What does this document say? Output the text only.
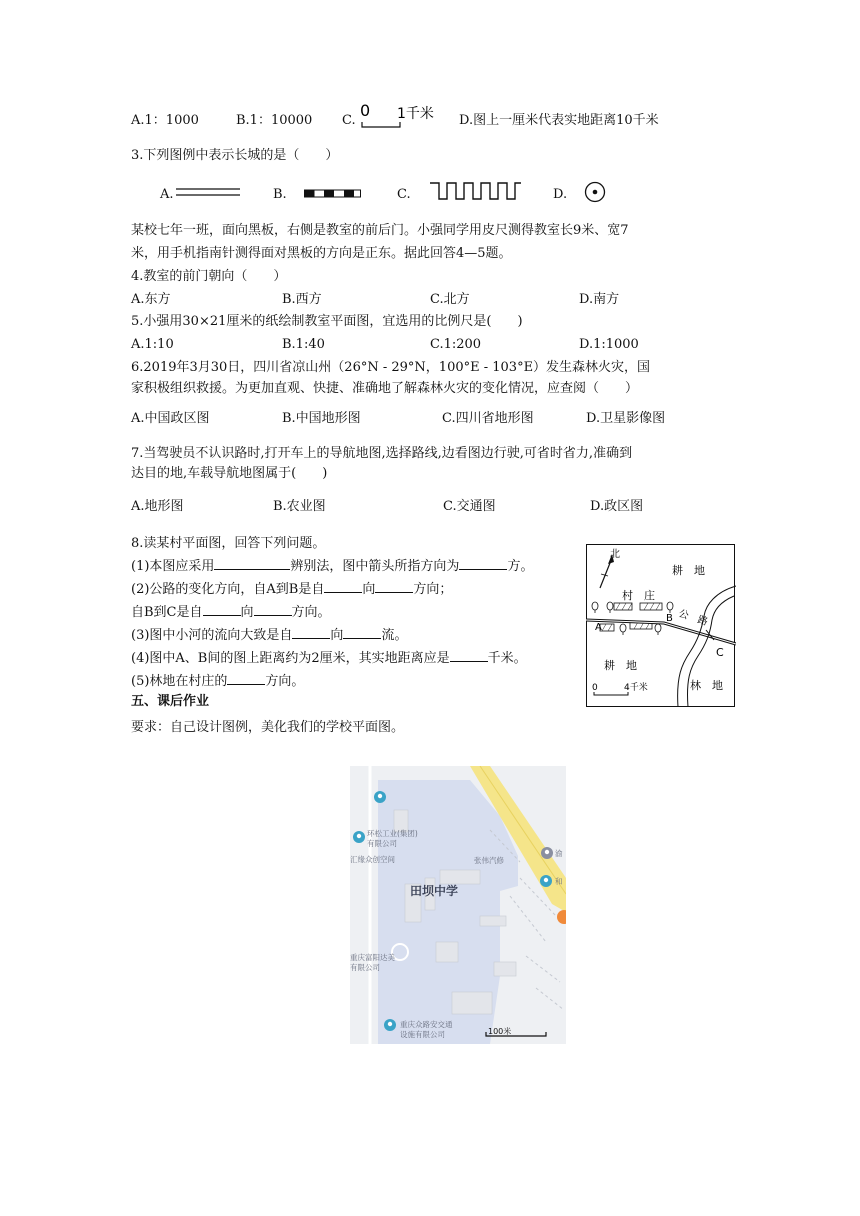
A.1：1000	B.1：10000 C.
0 1千米 D.图上一厘米代表实地距离10千米
3.下列图例中表示长城的是（　　）
A.	B.	C.	D.
某校七年一班，面向黑板，右侧是教室的前后门。小强同学用皮尺测得教室长9米、宽7
米，用手机指南针测得面对黑板的方向是正东。据此回答4—5题。
4.教室的前门朝向（　　）
A.东方	B.西方	C.北方	D.南方
5.小强用30×21厘米的纸绘制教室平面图，宜选用的比例尺是(　　)
A.1:10	B.1:40	C.1:200	D.1:1000
6.2019年3月30日，四川省凉山州（26°N - 29°N，100°E - 103°E）发生森林火灾，国
家积极组织救援。为更加直观、快捷、准确地了解森林火灾的变化情况，应查阅（　　）
A.中国政区图	B.中国地形图	C.四川省地形图	D.卫星影像图
7.当驾驶员不认识路时,打开车上的导航地图,选择路线,边看图边行驶,可省时省力,准确到
达目的地,车载导航地图属于(　　)
A.地形图	B.农业图	C.交通图	D.政区图
8.读某村平面图，回答下列问题。
(1)本图应采用	辨别法，图中箭头所指方向为	方。
(2)公路的变化方向，自A到B是自	向	方向；
自B到C是自	向	方向。
(3)图中小河的流向大致是自	向	流。
(4)图中A、B间的图上距离约为2厘米，其实地距离应是	千米。
(5)林地在村庄的	方向。
北
耕　地
村　庄
A
B
C
公　路
耕　地
林　地
0	4千米
五、课后作业
要求：自己设计图例，美化我们的学校平面图。
田坝中学
环松工业(集团)
有限公司
汇缘众创空间	张伟汽修
重庆富阳达美
有限公司
重庆众路安交通
设施有限公司
渝
和
100米
